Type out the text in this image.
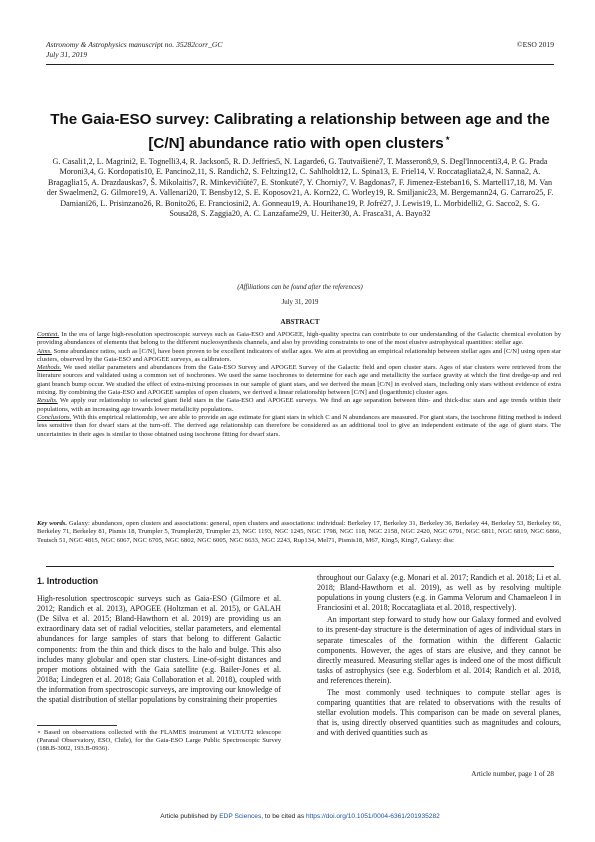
Astronomy & Astrophysics manuscript no. 35282corr_GC
July 31, 2019
©ESO 2019
The Gaia-ESO survey: Calibrating a relationship between age and the [C/N] abundance ratio with open clusters⋆
G. Casali1,2, L. Magrini2, E. Tognelli3,4, R. Jackson5, R. D. Jeffries5, N. Lagarde6, G. Tautvaišienė7, T. Masseron8,9, S. Degl'Innocenti3,4, P. G. Prada Moroni3,4, G. Kordopatis10, E. Pancino2,11, S. Randich2, S. Feltzing12, C. Sahlholdt12, L. Spina13, E. Friel14, V. Roccatagliata2,4, N. Sanna2, A. Bragaglia15, A. Drazdauskas7, Š. Mikolaitis7, R. Minkevičiūtė7, E. Stonkutė7, Y. Chorniy7, V. Bagdonas7, F. Jimenez-Esteban16, S. Martell17,18, M. Van der Swaelmen2, G. Gilmore19, A. Vallenari20, T. Bensby12, S. E. Koposov21, A. Korn22, C. Worley19, R. Smiljanic23, M. Bergemann24, G. Carraro25, F. Damiani26, L. Prisinzano26, R. Bonito26, E. Franciosini2, A. Gonneau19, A. Hourihane19, P. Jofré27, J. Lewis19, L. Morbidelli2, G. Sacco2, S. G. Sousa28, S. Zaggia20, A. C. Lanzafame29, U. Heiter30, A. Frasca31, A. Bayo32
(Affiliations can be found after the references)
July 31, 2019
ABSTRACT

Context. In the era of large high-resolution spectroscopic surveys such as Gaia-ESO and APOGEE, high-quality spectra can contribute to our understanding of the Galactic chemical evolution by providing abundances of elements that belong to the different nucleosynthesis channels, and also by providing constraints to one of the most elusive astrophysical quantities: stellar age.

Aims. Some abundance ratios, such as [C/N], have been proven to be excellent indicators of stellar ages. We aim at providing an empirical relationship between stellar ages and [C/N] using open star clusters, observed by the Gaia-ESO and APOGEE surveys, as calibrators.

Methods. We used stellar parameters and abundances from the Gaia-ESO Survey and APOGEE Survey of the Galactic field and open cluster stars. Ages of star clusters were retrieved from the literature sources and validated using a common set of isochrones. We used the same isochrones to determine for each age and metallicity the surface gravity at which the first dredge-up and red giant branch bump occur. We studied the effect of extra-mixing processes in our sample of giant stars, and we derived the mean [C/N] in evolved stars, including only stars without evidence of extra mixing. By combining the Gaia-ESO and APOGEE samples of open clusters, we derived a linear relationship between [C/N] and (logarithmic) cluster ages.

Results. We apply our relationship to selected giant field stars in the Gaia-ESO and APOGEE surveys. We find an age separation between thin- and thick-disc stars and age trends within their populations, with an increasing age towards lower metallicity populations.

Conclusions. With this empirical relationship, we are able to provide an age estimate for giant stars in which C and N abundances are measured. For giant stars, the isochrone fitting method is indeed less sensitive than for dwarf stars at the turn-off. The derived age relationship can therefore be considered as an additional tool to give an independent estimate of the age of giant stars. The uncertainties in their ages is similar to those obtained using isochrone fitting for dwarf stars.

Key words. Galaxy: abundances, open clusters and associations: general, open clusters and associations: individual: Berkeley 17, Berkeley 31, Berkeley 36, Berkeley 44, Berkeley 53, Berkeley 66, Berkeley 71, Berkeley 81, Pismis 18, Trumpler 5, Trumpler20, Trumpler 23, NGC 1193, NGC 1245, NGC 1798, NGC 118, NGC 2158, NGC 2420, NGC 6791, NGC 6811, NGC 6819, NGC 6866, Teutsch 51, NGC 4815, NGC 6067, NGC 6705, NGC 6802, NGC 6005, NGC 6633, NGC 2243, Rup134, Mel71, Pismis18, M67, King5, King7, Galaxy: disc
1. Introduction

High-resolution spectroscopic surveys such as Gaia-ESO (Gilmore et al. 2012; Randich et al. 2013), APOGEE (Holtzman et al. 2015), or GALAH (De Silva et al. 2015; Bland-Hawthorn et al. 2019) are providing us an extraordinary data set of radial velocities, stellar parameters, and elemental abundances for large samples of stars that belong to different Galactic components: from the thin and thick discs to the halo and bulge. This also includes many globular and open star clusters. Line-of-sight distances and proper motions obtained with the Gaia satellite (e.g. Bailer-Jones et al. 2018a; Lindegren et al. 2018; Gaia Collaboration et al. 2018), coupled with the information from spectroscopic surveys, are improving our knowledge of the spatial distribution of stellar populations by constraining their properties

throughout our Galaxy (e.g. Monari et al. 2017; Randich et al. 2018; Li et al. 2018; Bland-Hawthorn et al. 2019), as well as by resolving multiple populations in young clusters (e.g. in Gamma Velorum and Chamaeleon I in Franciosini et al. 2018; Roccatagliata et al. 2018, respectively).

An important step forward to study how our Galaxy formed and evolved to its present-day structure is the determination of ages of individual stars in separate timescales of the formation within the different Galactic components. However, the ages of stars are elusive, and they cannot be directly measured. Measuring stellar ages is indeed one of the most difficult tasks of astrophysics (see e.g. Soderblom et al. 2014; Randich et al. 2018, and references therein).

The most commonly used techniques to compute stellar ages is comparing quantities that are related to observations with the results of stellar evolution models. This comparison can be made on several planes, that is, using directly observed quantities such as magnitudes and colours, and with derived quantities such as

⋆ Based on observations collected with the FLAMES instrument at VLT/UT2 telescope (Paranal Observatory, ESO, Chile), for the Gaia-ESO Large Public Spectroscopic Survey (188.B-3002, 193.B-0936).
Article number, page 1 of 28
Article published by EDP Sciences, to be cited as https://doi.org/10.1051/0004-6361/201935282
